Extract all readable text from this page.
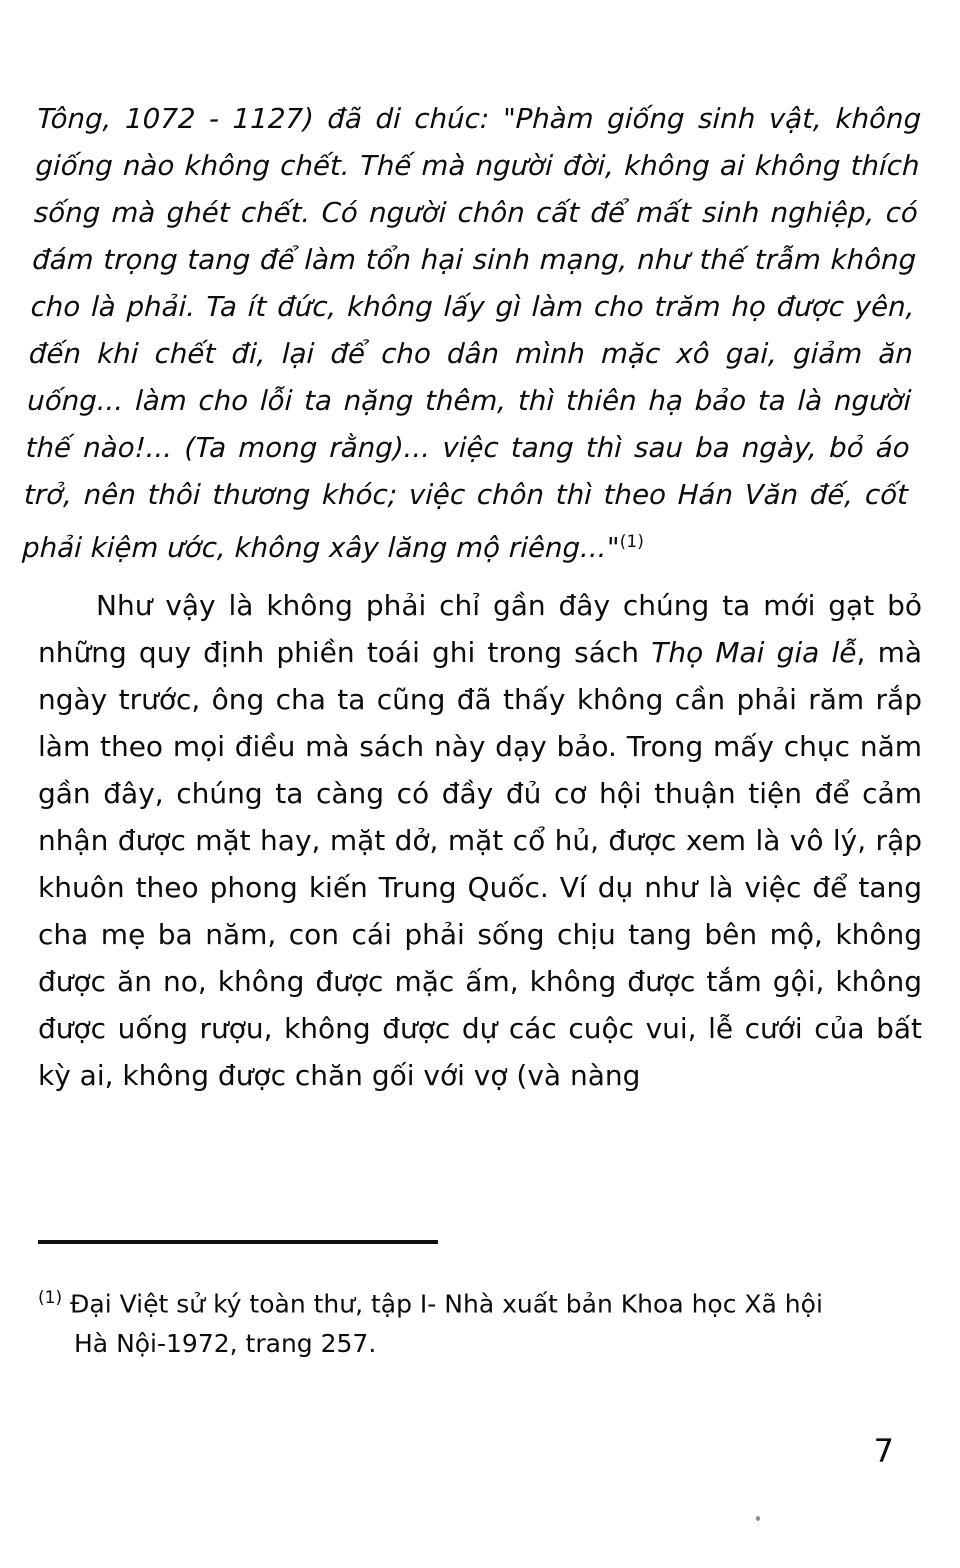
Tông, 1072 - 1127) đã di chúc: "Phàm giống sinh vật, không giống nào không chết. Thế mà người đời, không ai không thích sống mà ghét chết. Có người chôn cất để mất sinh nghiệp, có đám trọng tang để làm tổn hại sinh mạng, như thế trẫm không cho là phải. Ta ít đức, không lấy gì làm cho trăm họ được yên, đến khi chết đi, lại để cho dân mình mặc xô gai, giảm ăn uống... làm cho lỗi ta nặng thêm, thì thiên hạ bảo ta là người thế nào!... (Ta mong rằng)... việc tang thì sau ba ngày, bỏ áo trở, nên thôi thương khóc; việc chôn thì theo Hán Văn đế, cốt phải kiệm ước, không xây lăng mộ riêng..."$^{(1)}$

Như vậy là không phải chỉ gần đây chúng ta mới gạt bỏ những quy định phiền toái ghi trong sách Thọ Mai gia lễ, mà ngày trước, ông cha ta cũng đã thấy không cần phải răm rắp làm theo mọi điều mà sách này dạy bảo. Trong mấy chục năm gần đây, chúng ta càng có đầy đủ cơ hội thuận tiện để cảm nhận được mặt hay, mặt dở, mặt cổ hủ, được xem là vô lý, rập khuôn theo phong kiến Trung Quốc. Ví dụ như là việc để tang cha mẹ ba năm, con cái phải sống chịu tang bên mộ, không được ăn no, không được mặc ấm, không được tắm gội, không được uống rượu, không được dự các cuộc vui, lễ cưới của bất kỳ ai, không được chăn gối với vợ (và nàng

$^{(1)}$ Đại Việt sử ký toàn thư, tập I- Nhà xuất bản Khoa học Xã hội
Hà Nội-1972, trang 257.

7
